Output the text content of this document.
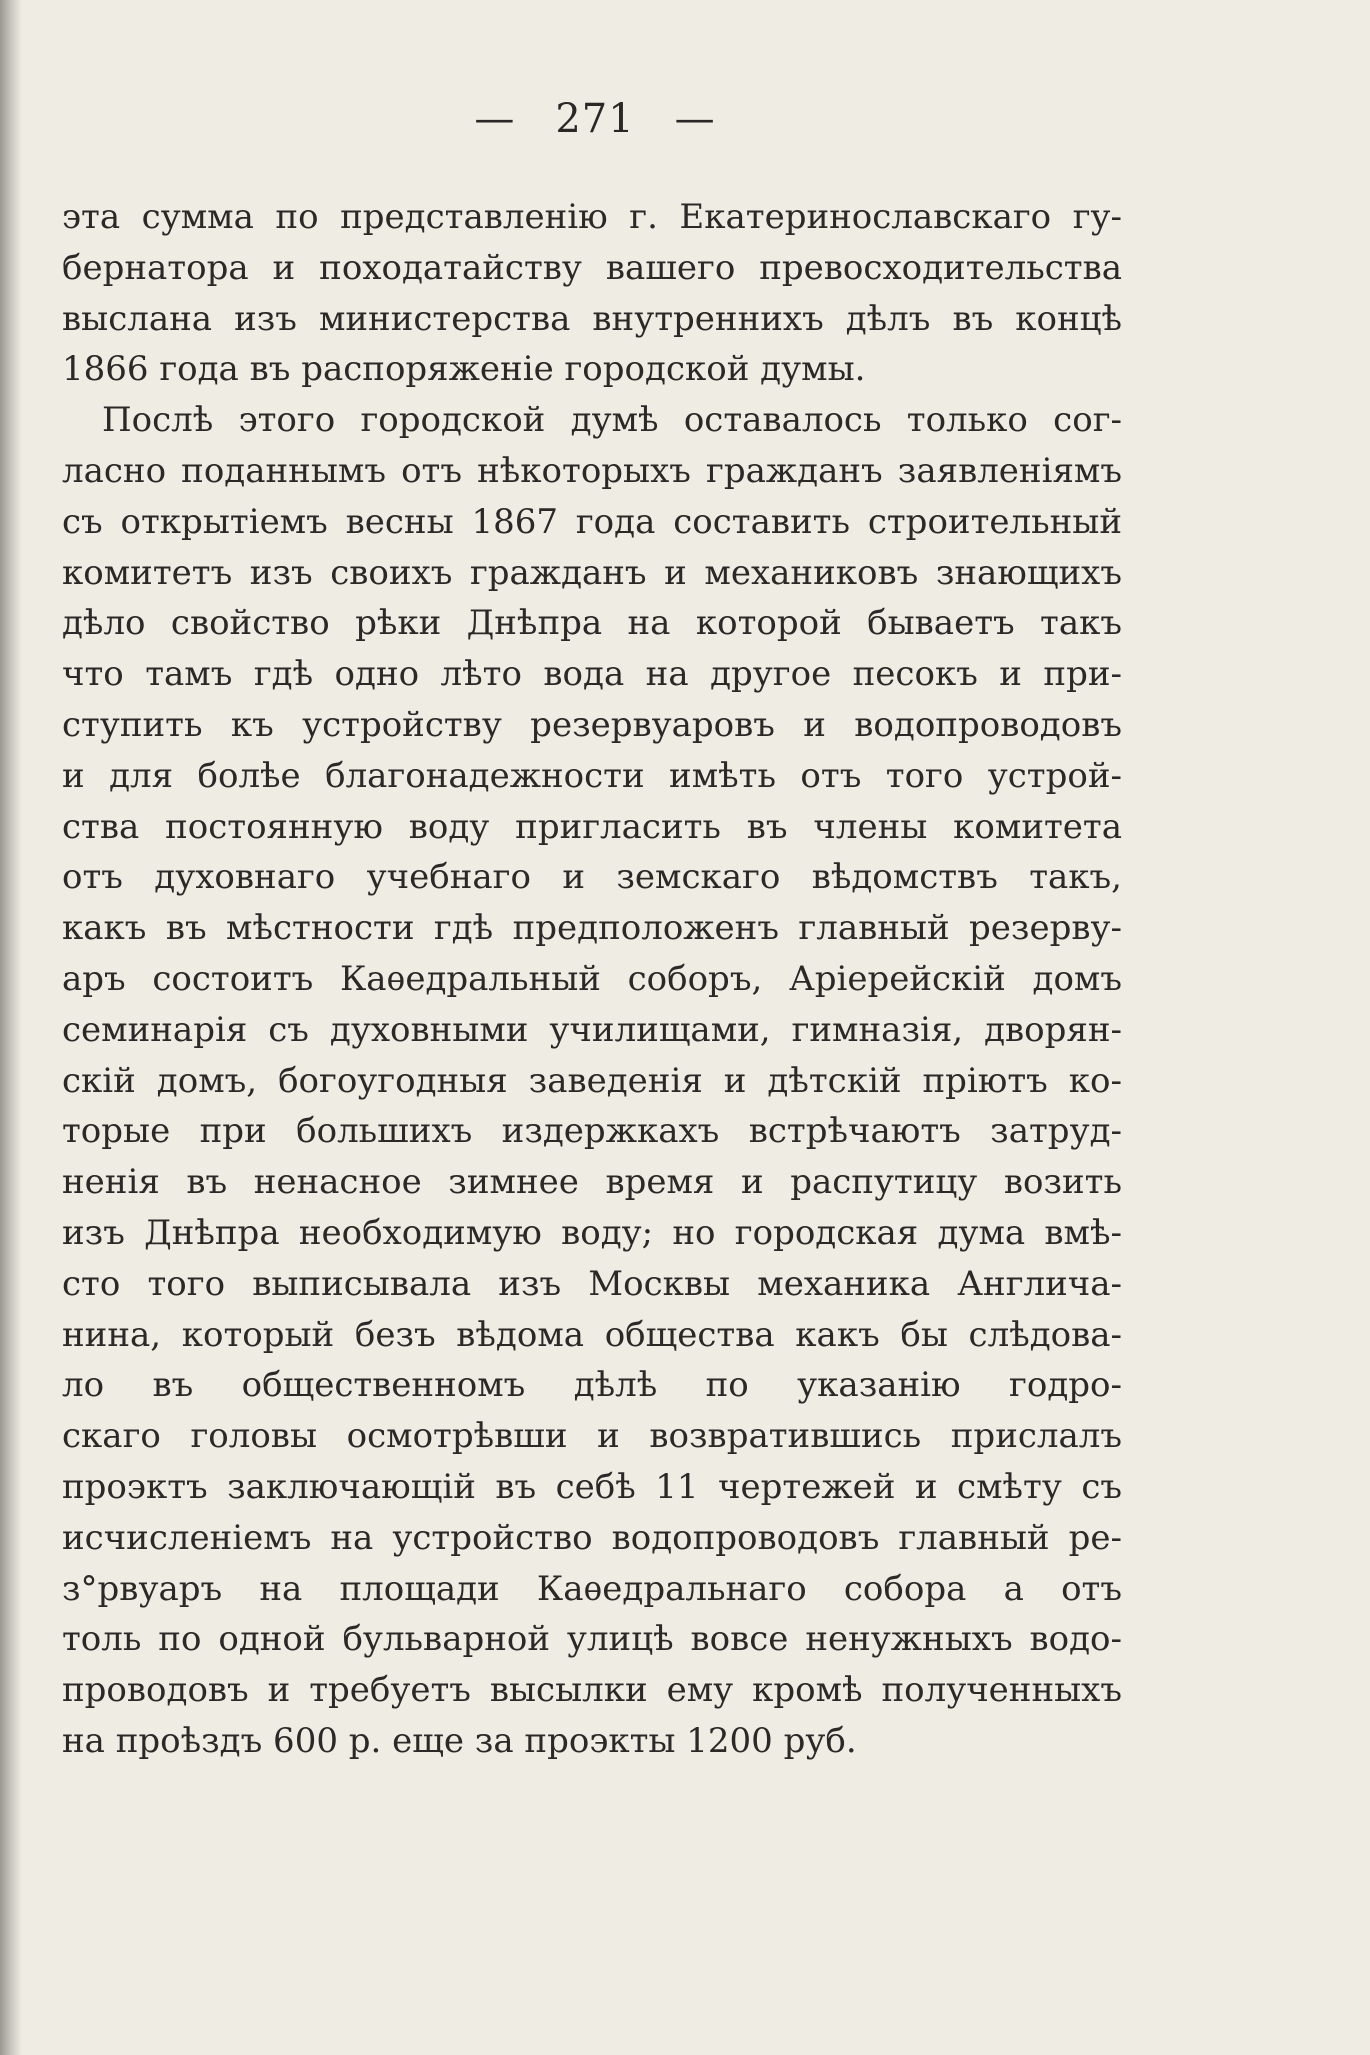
— 271 —
эта сумма по представленію г. Екатеринославскаго гу-
бернатора и походатайству вашего превосходительства
выслана изъ министерства внутреннихъ дѣлъ въ концѣ
1866 года въ распоряженіе городской думы.
Послѣ этого городской думѣ оставалось только сог-
ласно поданнымъ отъ нѣкоторыхъ гражданъ заявленіямъ
съ открытіемъ весны 1867 года составить строительный
комитетъ изъ своихъ гражданъ и механиковъ знающихъ
дѣло свойство рѣки Днѣпра на которой бываетъ такъ
что тамъ гдѣ одно лѣто вода на другое песокъ и при-
ступить къ устройству резервуаровъ и водопроводовъ
и для болѣе благонадежности имѣть отъ того устрой-
ства постоянную воду пригласить въ члены комитета
отъ духовнаго учебнаго и земскаго вѣдомствъ такъ,
какъ въ мѣстности гдѣ предположенъ главный резерву-
аръ состоитъ Каѳедральный соборъ, Аріерейскій домъ
семинарія съ духовными училищами, гимназія, дворян-
скій домъ, богоугодныя заведенія и дѣтскій пріютъ ко-
торые при большихъ издержкахъ встрѣчаютъ затруд-
ненія въ ненасное зимнее время и распутицу возить
изъ Днѣпра необходимую воду; но городская дума вмѣ-
сто того выписывала изъ Москвы механика Англича-
нина, который безъ вѣдома общества какъ бы слѣдова-
ло въ общественномъ дѣлѣ по указанію гoдро-
скаго головы осмотрѣвши и возвратившись прислалъ
проэктъ заключающій въ себѣ 11 чертежей и смѣту съ
исчисленіемъ на устройство водопроводовъ главный ре-
з°рвуаръ на площади Каѳедральнаго собора а отъ
толь по одной бульварной улицѣ вовсе ненужныхъ водо-
проводовъ и требуетъ высылки ему кромѣ полученныхъ
на проѣздъ 600 р. еще за проэкты 1200 руб.
